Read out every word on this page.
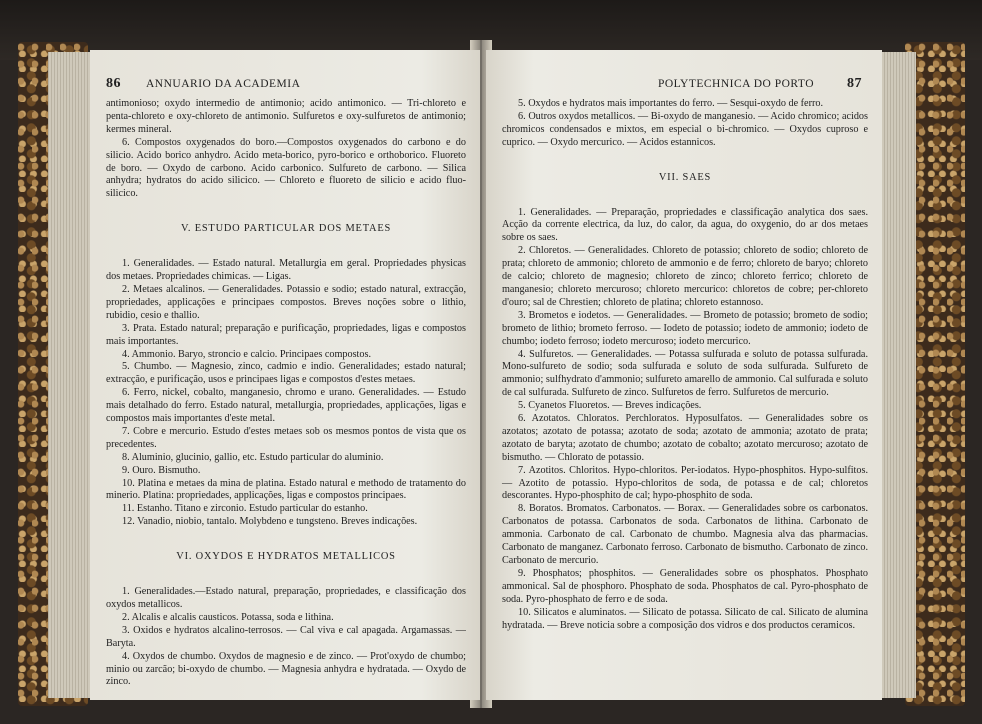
86 ANNUARIO DA ACADEMIA

antimonioso; oxydo intermedio de antimonio; acido antimonico. — Tri-chloreto e penta-chloreto e oxy-chloreto de antimonio. Sulfuretos e oxy-sulfuretos de antimonio; kermes mineral.

6. Compostos oxygenados do boro.—Compostos oxygenados do carbono e do silicio. Acido borico anhydro. Acido meta-borico, pyro-borico e orthoborico. Fluoreto de boro. — Oxydo de carbono. Acido carbonico. Sulfureto de carbono. — Silica anhydra; hydratos do acido silicico. — Chloreto e fluoreto de silicio e acido fluo-silicico.

V. ESTUDO PARTICULAR DOS METAES

1. Generalidades. — Estado natural. Metallurgia em geral. Propriedades physicas dos metaes. Propriedades chimicas. — Ligas.

2. Metaes alcalinos. — Generalidades. Potassio e sodio; estado natural, extracção, propriedades, applicações e principaes compostos. Breves noções sobre o lithio, rubidio, cesio e thallio.

3. Prata. Estado natural; preparação e purificação, propriedades, ligas e compostos mais importantes.

4. Ammonio. Baryo, stroncio e calcio. Principaes compostos.

5. Chumbo. — Magnesio, zinco, cadmio e indio. Generalidades; estado natural; extracção, e purificação, usos e principaes ligas e compostos d'estes metaes.

6. Ferro, nickel, cobalto, manganesio, chromo e urano. Generalidades. — Estudo mais detalhado do ferro. Estado natural, metallurgia, propriedades, applicações, ligas e compostos mais importantes d'este metal.

7. Cobre e mercurio. Estudo d'estes metaes sob os mesmos pontos de vista que os precedentes.

8. Aluminio, glucinio, gallio, etc. Estudo particular do aluminio.

9. Ouro. Bismutho.

10. Platina e metaes da mina de platina. Estado natural e methodo de tratamento do minerio. Platina: propriedades, applicações, ligas e compostos principaes.

11. Estanho. Titano e zirconio. Estudo particular do estanho.

12. Vanadio, niobio, tantalo. Molybdeno e tungsteno. Breves indicações.

VI. OXYDOS E HYDRATOS METALLICOS

1. Generalidades.—Estado natural, preparação, propriedades, e classificação dos oxydos metallicos.

2. Alcalis e alcalis causticos. Potassa, soda e lithina.

3. Oxidos e hydratos alcalino-terrosos. — Cal viva e cal apagada. Argamassas. — Baryta.

4. Oxydos de chumbo. Oxydos de magnesio e de zinco. — Prot'oxydo de chumbo; minio ou zarcão; bi-oxydo de chumbo. — Magnesia anhydra e hydratada. — Oxydo de zinco.

POLYTECHNICA DO PORTO 87

5. Oxydos e hydratos mais importantes do ferro. — Sesqui-oxydo de ferro.

6. Outros oxydos metallicos. — Bi-oxydo de manganesio. — Acido chromico; acidos chromicos condensados e mixtos, em especial o bi-chromico. — Oxydos cuproso e cuprico. — Oxydo mercurico. — Acidos estannicos.

VII. SAES

1. Generalidades. — Preparação, propriedades e classificação analytica dos saes. Acção da corrente electrica, da luz, do calor, da agua, do oxygenio, do ar dos metaes sobre os saes.

2. Chloretos. — Generalidades. Chloreto de potassio; chloreto de sodio; chloreto de prata; chloreto de ammonio; chloreto de ammonio e de ferro; chloreto de baryo; chloreto de calcio; chloreto de magnesio; chloreto de zinco; chloreto ferrico; chloreto de manganesio; chloreto mercuroso; chloreto mercurico: chloretos de cobre; per-chloreto d'ouro; sal de Chrestien; chloreto de platina; chloreto estannoso.

3. Brometos e iodetos. — Generalidades. — Brometo de potassio; brometo de sodio; brometo de lithio; brometo ferroso. — Iodeto de potassio; iodeto de ammonio; iodeto de chumbo; iodeto ferroso; iodeto mercuroso; iodeto mercurico.

4. Sulfuretos. — Generalidades. — Potassa sulfurada e soluto de potassa sulfurada. Mono-sulfureto de sodio; soda sulfurada e soluto de soda sulfurada. Sulfureto de ammonio; sulfhydrato d'ammonio; sulfureto amarello de ammonio. Cal sulfurada e soluto de cal sulfurada. Sulfureto de zinco. Sulfuretos de ferro. Sulfuretos de mercurio.

5. Cyanetos Fluoretos. — Breves indicações.

6. Azotatos. Chloratos. Perchloratos. Hyposulfatos. — Generalidades sobre os azotatos; azotato de potassa; azotato de soda; azotato de ammonia; azotato de prata; azotato de baryta; azotato de chumbo; azotato de cobalto; azotato mercuroso; azotato de bismutho. — Chlorato de potassio.

7. Azotitos. Chloritos. Hypo-chloritos. Per-iodatos. Hypo-phosphitos. Hypo-sulfitos. — Azotito de potassio. Hypo-chloritos de soda, de potassa e de cal; chloretos descorantes. Hypo-phosphito de cal; hypo-phosphito de soda.

8. Boratos. Bromatos. Carbonatos. — Borax. — Generalidades sobre os carbonatos. Carbonatos de potassa. Carbonatos de soda. Carbonatos de lithina. Carbonato de ammonia. Carbonato de cal. Carbonato de chumbo. Magnesia alva das pharmacias. Carbonato de manganez. Carbonato ferroso. Carbonato de bismutho. Carbonato de zinco. Carbonato de mercurio.

9. Phosphatos; phosphitos. — Generalidades sobre os phosphatos. Phosphato ammonical. Sal de phosphoro. Phosphato de soda. Phosphatos de cal. Pyro-phosphato de soda. Pyro-phosphato de ferro e de soda.

10. Silicatos e aluminatos. — Silicato de potassa. Silicato de cal. Silicato de alumina hydratada. — Breve noticia sobre a composição dos vidros e dos productos ceramicos.
